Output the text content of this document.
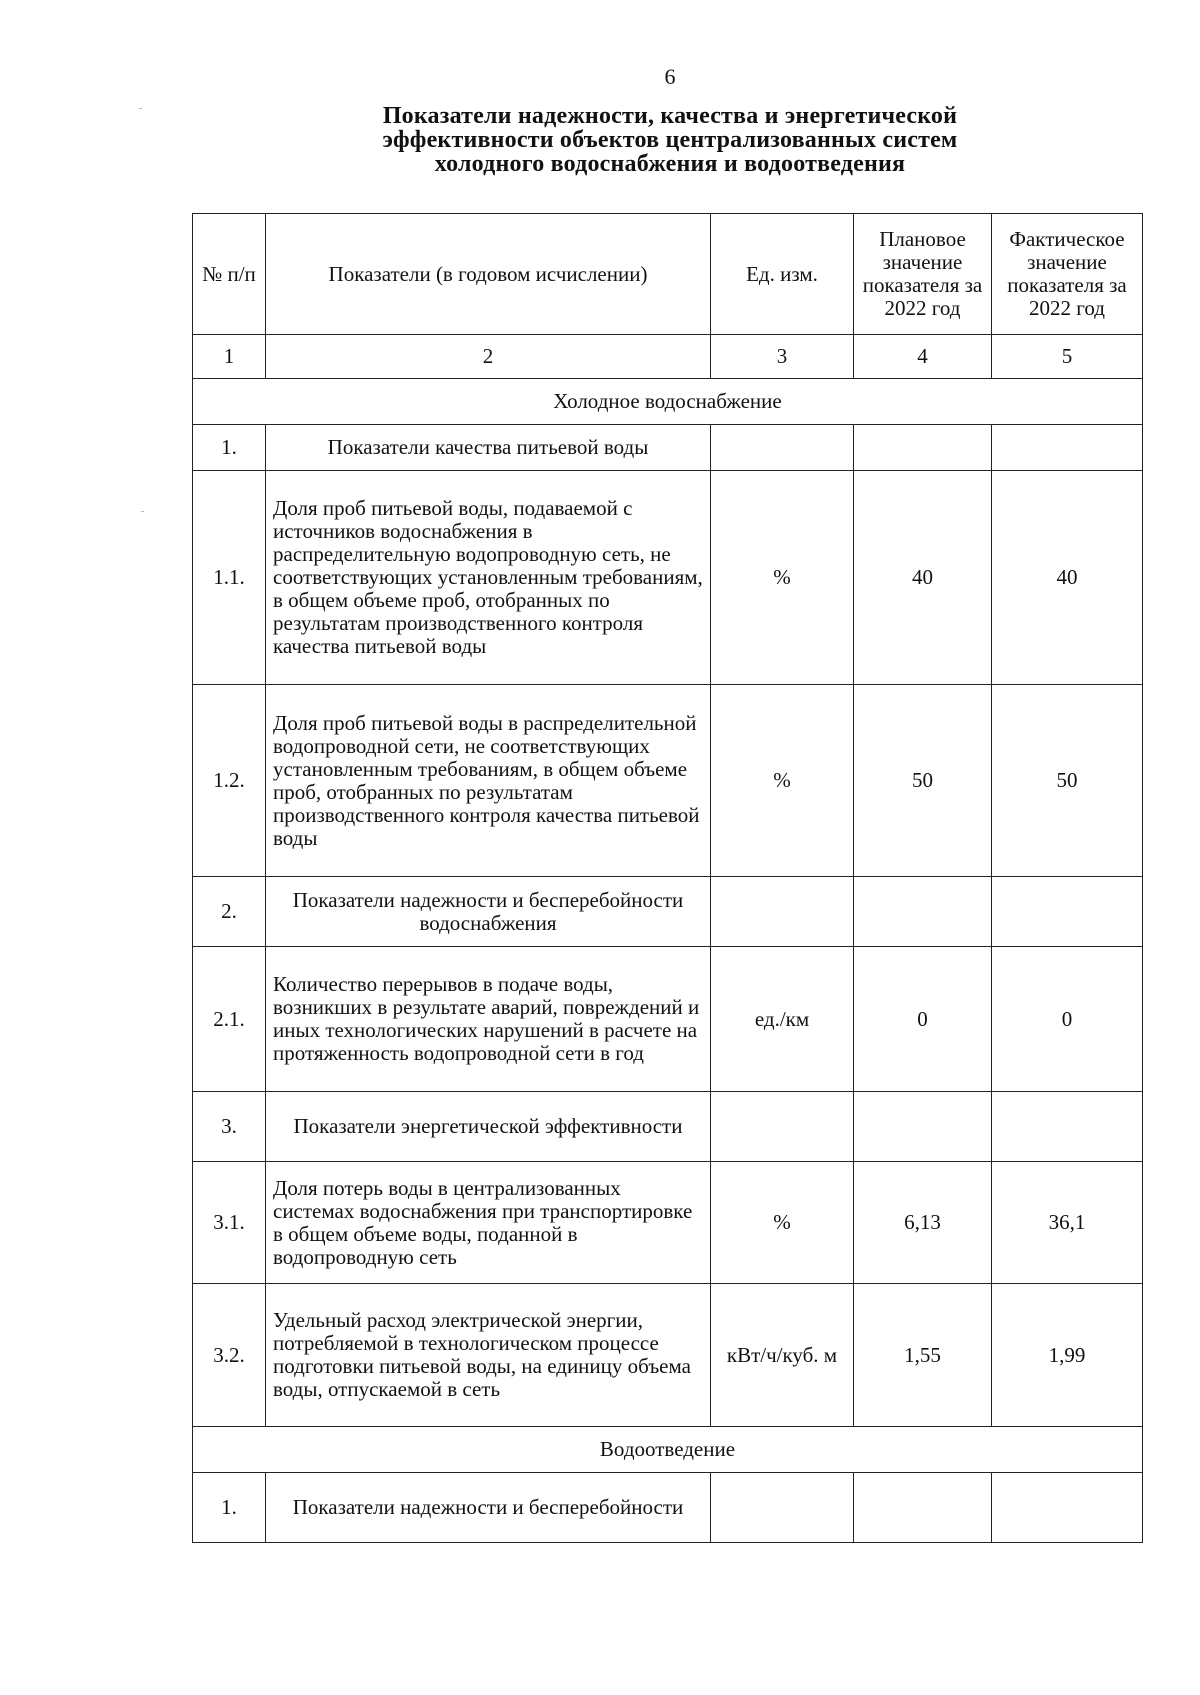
6
Показатели надежности, качества и энергетической
эффективности объектов централизованных систем
холодного водоснабжения и водоотведения
№ п/п	Показатели (в годовом исчислении)	Ед. изм.	Плановое значение показателя за 2022 год	Фактическое значение показателя за 2022 год
1	2	3	4	5
Холодное водоснабжение				
1.	Показатели качества питьевой воды			
1.1.	Доля проб питьевой воды, подаваемой с источников водоснабжения в распределительную водопроводную сеть, не соответствующих установленным требованиям, в общем объеме проб, отобранных по результатам производственного контроля качества питьевой воды	%	40	40
1.2.	Доля проб питьевой воды в распределительной водопроводной сети, не соответствующих установленным требованиям, в общем объеме проб, отобранных по результатам производственного контроля качества питьевой воды	%	50	50
2.	Показатели надежности и бесперебойности водоснабжения			
2.1.	Количество перерывов в подаче воды, возникших в результате аварий, повреждений и иных технологических нарушений в расчете на протяженность водопроводной сети в год	ед./км	0	0
3.	Показатели энергетической эффективности			
3.1.	Доля потерь воды в централизованных системах водоснабжения при транспортировке в общем объеме воды, поданной в водопроводную сеть	%	6,13	36,1
3.2.	Удельный расход электрической энергии, потребляемой в технологическом процессе подготовки питьевой воды, на единицу объема воды, отпускаемой в сеть	кВт/ч/куб. м	1,55	1,99
Водоотведение				
1.	Показатели надежности и бесперебойности			
